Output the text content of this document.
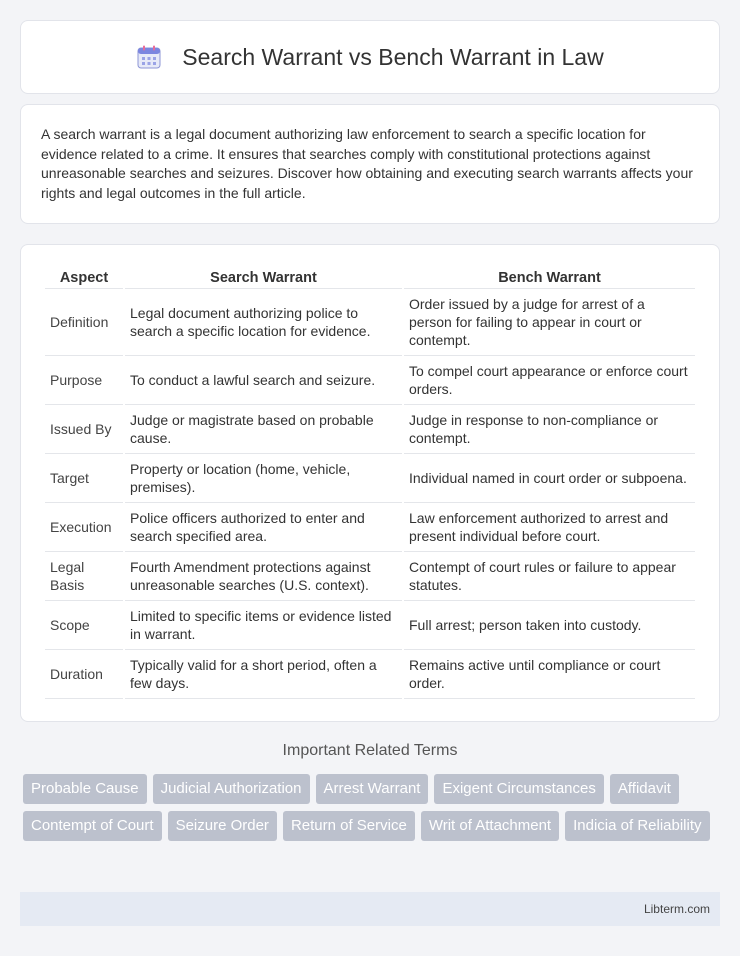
Search Warrant vs Bench Warrant in Law

A search warrant is a legal document authorizing law enforcement to search a specific location for evidence related to a crime. It ensures that searches comply with constitutional protections against unreasonable searches and seizures. Discover how obtaining and executing search warrants affects your rights and legal outcomes in the full article.

Aspect	Search Warrant	Bench Warrant
Definition	Legal document authorizing police to search a specific location for evidence.	Order issued by a judge for arrest of a person for failing to appear in court or contempt.
Purpose	To conduct a lawful search and seizure.	To compel court appearance or enforce court orders.
Issued By	Judge or magistrate based on probable cause.	Judge in response to non-compliance or contempt.
Target	Property or location (home, vehicle, premises).	Individual named in court order or subpoena.
Execution	Police officers authorized to enter and search specified area.	Law enforcement authorized to arrest and present individual before court.
Legal Basis	Fourth Amendment protections against unreasonable searches (U.S. context).	Contempt of court rules or failure to appear statutes.
Scope	Limited to specific items or evidence listed in warrant.	Full arrest; person taken into custody.
Duration	Typically valid for a short period, often a few days.	Remains active until compliance or court order.
Important Related Terms
Probable Cause	Judicial Authorization	Arrest Warrant	Exigent Circumstances	Affidavit
Contempt of Court	Seizure Order	Return of Service	Writ of Attachment	Indicia of Reliability
Libterm.com
